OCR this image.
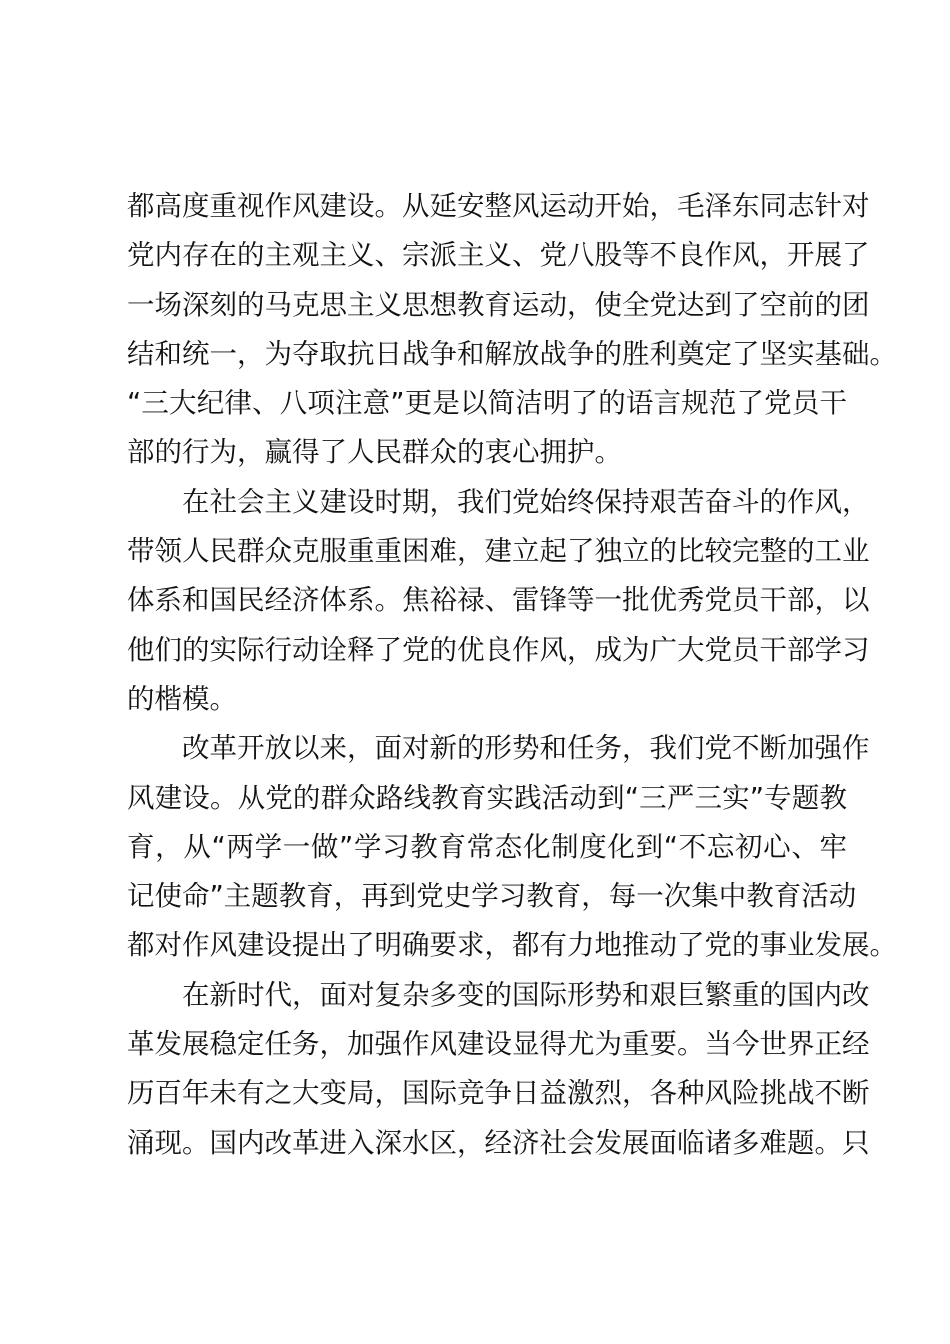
都高度重视作风建设。从延安整风运动开始，毛泽东同志针对
党内存在的主观主义、宗派主义、党八股等不良作风，开展了
一场深刻的马克思主义思想教育运动，使全党达到了空前的团
结和统一，为夺取抗日战争和解放战争的胜利奠定了坚实基础。
“三大纪律、八项注意”更是以简洁明了的语言规范了党员干
部的行为，赢得了人民群众的衷心拥护。
在社会主义建设时期，我们党始终保持艰苦奋斗的作风，
带领人民群众克服重重困难，建立起了独立的比较完整的工业
体系和国民经济体系。焦裕禄、雷锋等一批优秀党员干部，以
他们的实际行动诠释了党的优良作风，成为广大党员干部学习
的楷模。
改革开放以来，面对新的形势和任务，我们党不断加强作
风建设。从党的群众路线教育实践活动到“三严三实”专题教
育，从“两学一做”学习教育常态化制度化到“不忘初心、牢
记使命”主题教育，再到党史学习教育，每一次集中教育活动
都对作风建设提出了明确要求，都有力地推动了党的事业发展。
在新时代，面对复杂多变的国际形势和艰巨繁重的国内改
革发展稳定任务，加强作风建设显得尤为重要。当今世界正经
历百年未有之大变局，国际竞争日益激烈，各种风险挑战不断
涌现。国内改革进入深水区，经济社会发展面临诸多难题。只
